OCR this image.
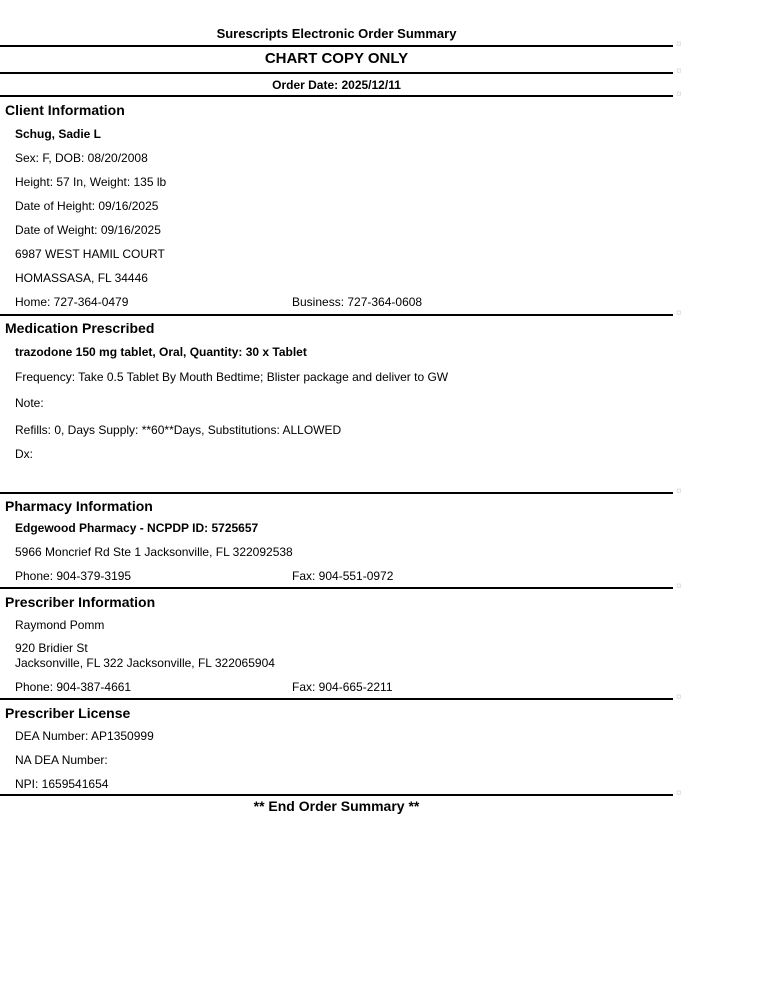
Surescripts Electronic Order Summary
¤
CHART COPY ONLY
¤
Order Date: 2025/12/11
¤
Client Information
Schug, Sadie L
Sex: F, DOB: 08/20/2008
Height: 57 In, Weight: 135 lb
Date of Height: 09/16/2025
Date of Weight: 09/16/2025
6987 WEST HAMIL COURT
HOMASSASA, FL 34446
Home: 727-364-0479	Business: 727-364-0608
¤
Medication Prescribed
trazodone 150 mg tablet, Oral, Quantity: 30 x Tablet
Frequency: Take 0.5 Tablet By Mouth Bedtime; Blister package and deliver to GW
Note:
Refills: 0, Days Supply: **60**Days, Substitutions: ALLOWED
Dx:
¤
Pharmacy Information
Edgewood Pharmacy - NCPDP ID: 5725657
5966 Moncrief Rd Ste 1 Jacksonville, FL 322092538
Phone: 904-379-3195	Fax: 904-551-0972
¤
Prescriber Information
Raymond Pomm
920 Bridier St
Jacksonville, FL 322 Jacksonville, FL 322065904
Phone: 904-387-4661	Fax: 904-665-2211
¤
Prescriber License
DEA Number: AP1350999
NA DEA Number:
NPI: 1659541654
¤
** End Order Summary **
